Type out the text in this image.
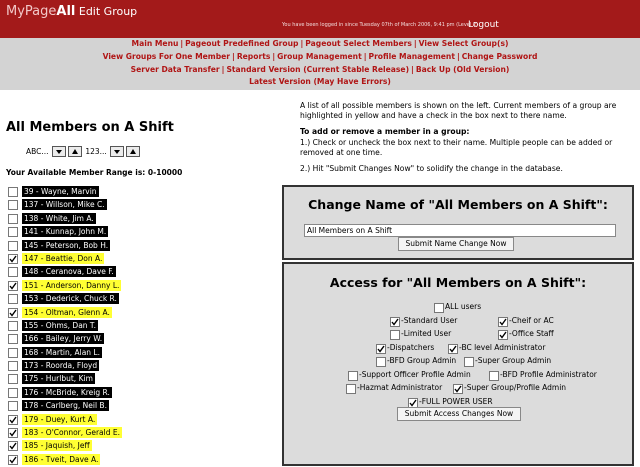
MyPageAll Edit Group
You have been logged in since Tuesday 07th of March 2006, 9:41 pm (Level 2)
Logout
Main Menu | Pageout Predefined Group | Pageout Select Members | View Select Group(s)
View Groups For One Member | Reports | Group Management | Profile Management | Change Password
Server Data Transfer | Standard Version (Current Stable Release) | Back Up (Old Version)
Latest Version (May Have Errors)
All Members on A Shift
ABC...	123...
Your Available Member Range is: 0-10000
39 - Wayne, Marvin
137 - Willson, Mike C.
138 - White, Jim A.
141 - Kunnap, John M.
145 - Peterson, Bob H.
147 - Beattie, Don A.
148 - Ceranova, Dave F.
151 - Anderson, Danny L.
153 - Dederick, Chuck R.
154 - Oltman, Glenn A.
155 - Ohms, Dan T.
166 - Bailey, Jerry W.
168 - Martin, Alan L.
173 - Roorda, Floyd
175 - Hurlbut, Kim
176 - McBride, Kreig R.
178 - Carlberg, Neil B.
179 - Duey, Kurt A.
183 - O'Connor, Gerald E.
185 - Jaquish, Jeff
186 - Tveit, Dave A.

A list of all possible members is shown on the left. Current members of a group are highlighted in yellow and have a check in the box next to there name.

To add or remove a member in a group:
1.) Check or uncheck the box next to their name. Multiple people can be added or removed at one time.

2.) Hit "Submit Changes Now" to solidify the change in the database.

Change Name of "All Members on A Shift":
All Members on A Shift
Submit Name Change Now
Access for "All Members on A Shift":
ALL users
-Standard User	-Cheif or AC
-Limited User	-Office Staff
-Dispatchers	-BC level Administrator
-BFD Group Admin	-Super Group Admin
-Support Officer Profile Admin	-BFD Profile Administrator
-Hazmat Administrator	-Super Group/Profile Admin
-FULL POWER USER
Submit Access Changes Now
